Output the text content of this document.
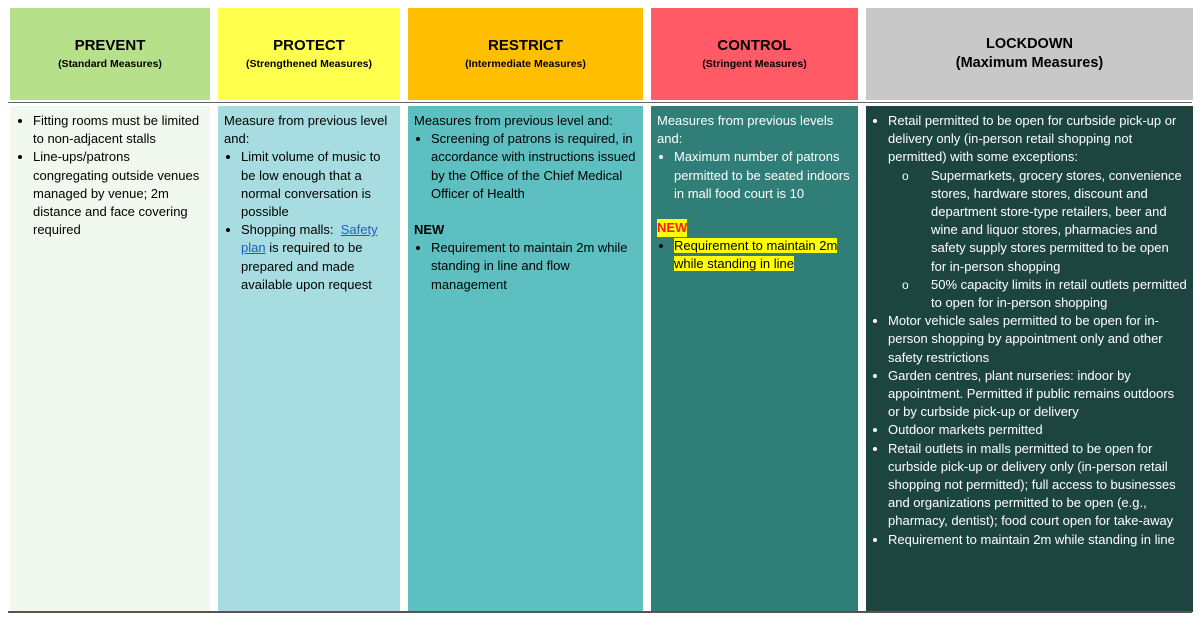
PREVENT
(Standard Measures)
• Fitting rooms must be limited to non-adjacent stalls
• Line-ups/patrons congregating outside venues managed by venue; 2m distance and face covering required
PROTECT
(Strengthened Measures)

Measure from previous level and:

• Limit volume of music to be low enough that a normal conversation is possible
• Shopping malls: Safety plan is required to be prepared and made available upon request
RESTRICT
(Intermediate Measures)

Measures from previous level and:

• Screening of patrons is required, in accordance with instructions issued by the Office of the Chief Medical Officer of Health
NEW
• Requirement to maintain 2m while standing in line and flow management
CONTROL
(Stringent Measures)

Measures from previous levels and:

• Maximum number of patrons permitted to be seated indoors in mall food court is 10
NEW
• Requirement to maintain 2m while standing in line
LOCKDOWN
(Maximum Measures)
• Retail permitted to be open for curbside pick-up or delivery only (in-person retail shopping not permitted) with some exceptions:
o Supermarkets, grocery stores, convenience stores, hardware stores, discount and department store-type retailers, beer and wine and liquor stores, pharmacies and safety supply stores permitted to be open for in-person shopping
o 50% capacity limits in retail outlets permitted to open for in-person shopping
• Motor vehicle sales permitted to be open for in-person shopping by appointment only and other safety restrictions
• Garden centres, plant nurseries: indoor by appointment. Permitted if public remains outdoors or by curbside pick-up or delivery
• Outdoor markets permitted
• Retail outlets in malls permitted to be open for curbside pick-up or delivery only (in-person retail shopping not permitted); full access to businesses and organizations permitted to be open (e.g., pharmacy, dentist); food court open for take-away
• Requirement to maintain 2m while standing in line
